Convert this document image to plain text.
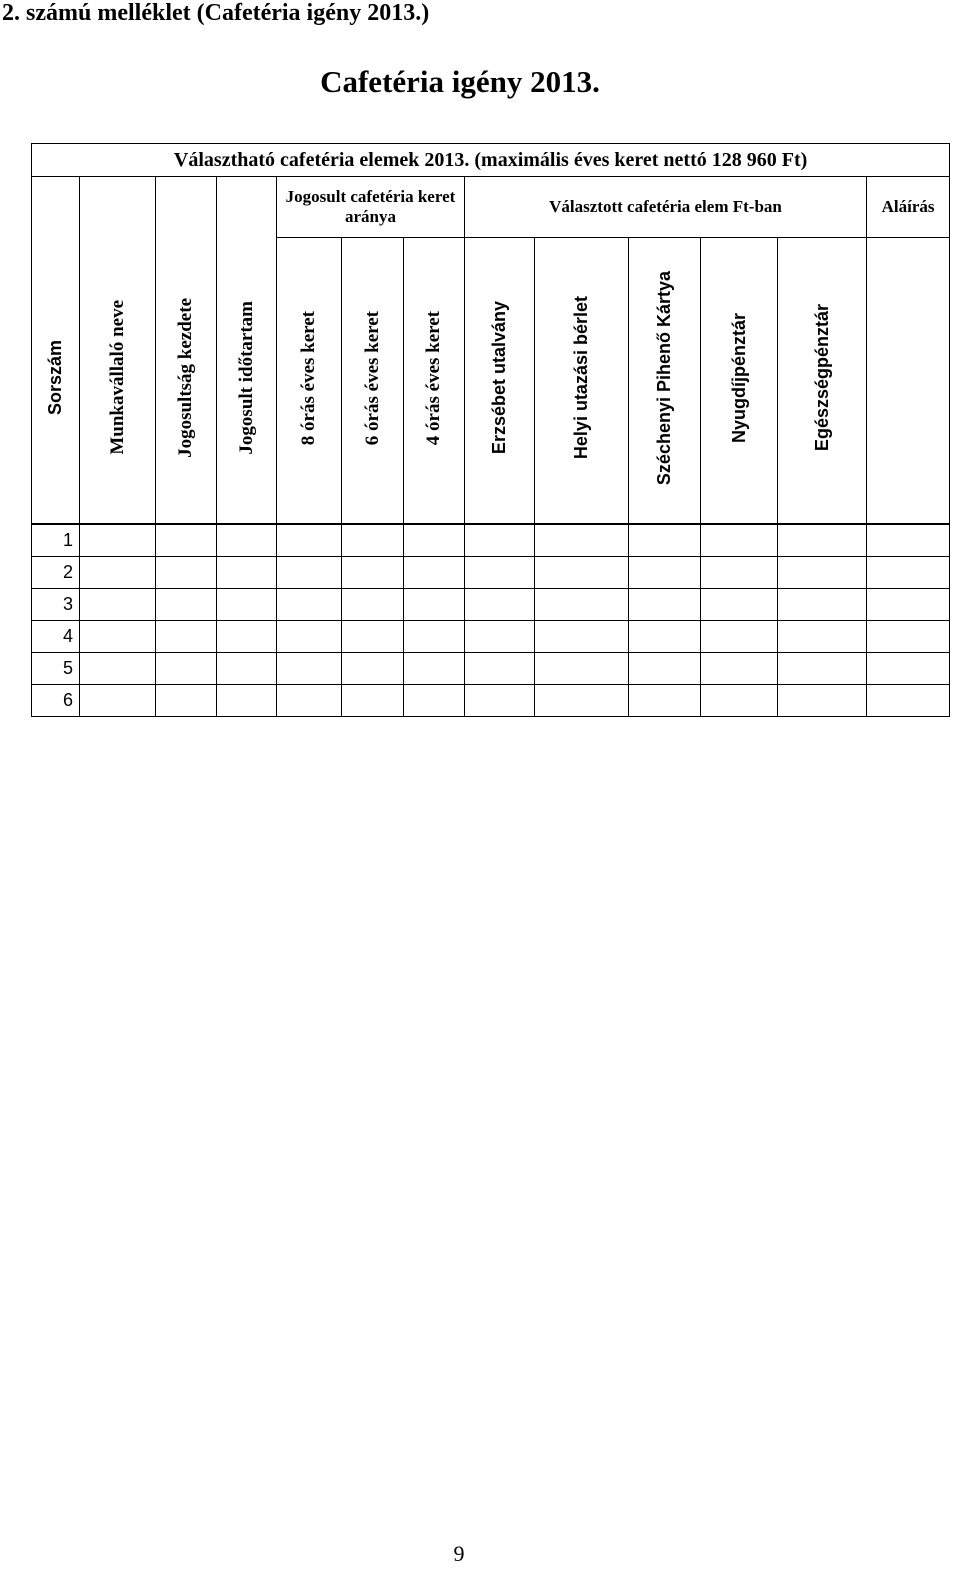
2. számú melléklet (Cafetéria igény 2013.)
Cafetéria igény 2013.
Választható cafetéria elemek 2013. (maximális éves keret nettó 128 960 Ft)												
				Jogosult cafetéria keret aránya			Választott cafetéria elem Ft-ban					Aláírás
Sorszám	Munkavállaló neve	Jogosultság kezdete	Jogosult időtartam	8 órás éves keret	6 órás éves keret	4 órás éves keret	Erzsébet utalvány	Helyi utazási bérlet	Széchenyi Pihenő Kártya	Nyugdíjpénztár	Egészségpénztár	

1												
2												
3												
4												
5												
6												
9
